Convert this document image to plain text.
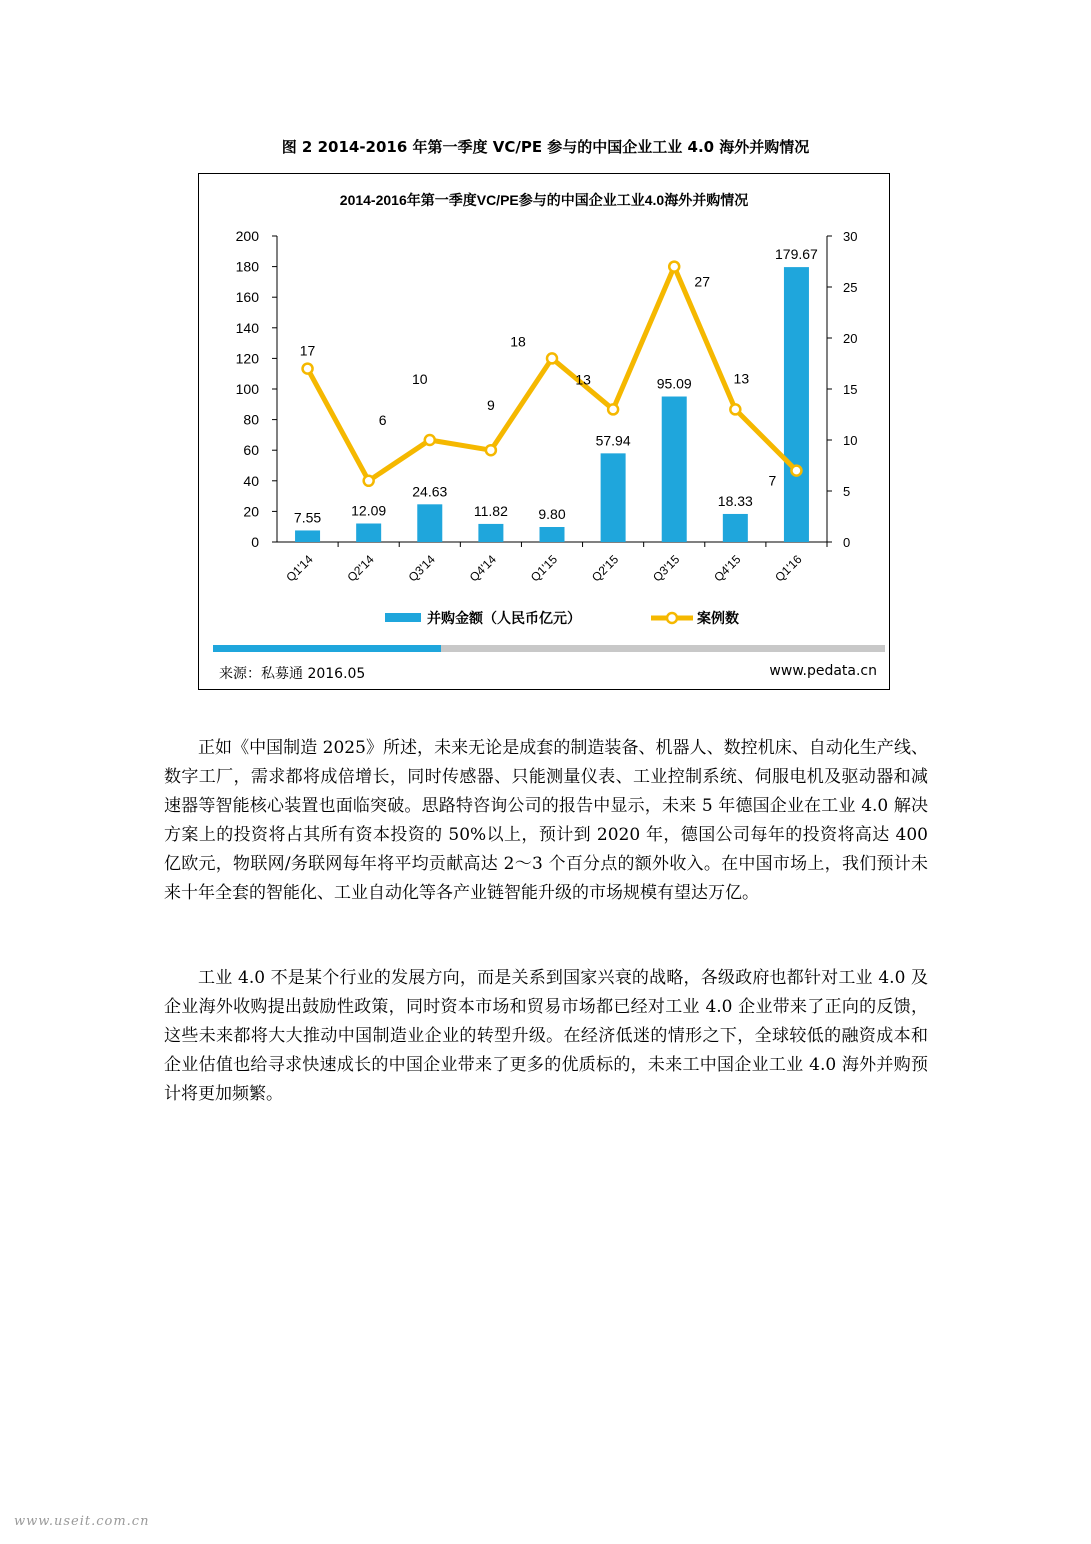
图 2 2014-2016 年第一季度 VC/PE 参与的中国企业工业 4.0 海外并购情况
2014-2016年第一季度VC/PE参与的中国企业工业4.0海外并购情况
0
20
40
60
80
100
120
140
160
180
200
0
5
10
15
20
25
30
7.55 12.09
24.63
11.82 9.80
57.94
95.09
18.33
179.67
Q1'14 Q2'14 Q3'14 Q4'14 Q1'15 Q2'15 Q3'15 Q4'15 Q1'16
17
6
10
9
18
13
27
13
7
并购金额（人民币亿元）	案例数
来源：私募通 2016.05	www.pedata.cn

正如《中国制造 2025》所述，未来无论是成套的制造装备、机器人、数控机床、自动化生产线、数字工厂，需求都将成倍增长，同时传感器、只能测量仪表、工业控制系统、伺服电机及驱动器和减速器等智能核心装置也面临突破。思路特咨询公司的报告中显示，未来 5 年德国企业在工业 4.0 解决方案上的投资将占其所有资本投资的 50%以上，预计到 2020 年，德国公司每年的投资将高达 400 亿欧元，物联网/务联网每年将平均贡献高达 2～3 个百分点的额外收入。在中国市场上，我们预计未来十年全套的智能化、工业自动化等各产业链智能升级的市场规模有望达万亿。

工业 4.0 不是某个行业的发展方向，而是关系到国家兴衰的战略，各级政府也都针对工业 4.0 及企业海外收购提出鼓励性政策，同时资本市场和贸易市场都已经对工业 4.0 企业带来了正向的反馈，这些未来都将大大推动中国制造业企业的转型升级。在经济低迷的情形之下，全球较低的融资成本和企业估值也给寻求快速成长的中国企业带来了更多的优质标的，未来工中国企业工业 4.0 海外并购预计将更加频繁。

www.useit.com.cn
